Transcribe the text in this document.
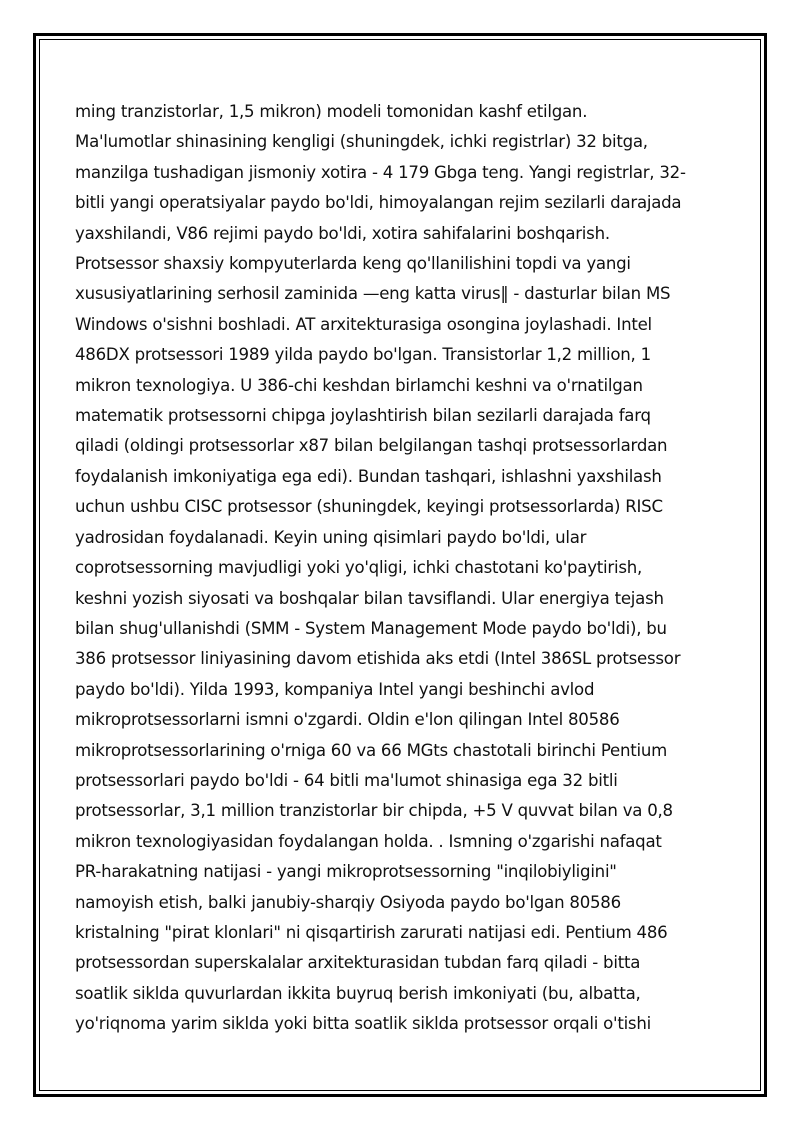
ming tranzistorlar, 1,5 mikron) modeli tomonidan kashf etilgan.
Ma'lumotlar shinasining kengligi (shuningdek, ichki registrlar) 32 bitga,
manzilga tushadigan jismoniy xotira - 4 179 Gbga teng. Yangi registrlar, 32-
bitli yangi operatsiyalar paydo bo'ldi, himoyalangan rejim sezilarli darajada
yaxshilandi, V86 rejimi paydo bo'ldi, xotira sahifalarini boshqarish.
Protsessor shaxsiy kompyuterlarda keng qo'llanilishini topdi va yangi
xususiyatlarining serhosil zaminida —eng katta virus‖ - dasturlar bilan MS
Windows o'sishni boshladi. AT arxitekturasiga osongina joylashadi. Intel
486DX protsessori 1989 yilda paydo bo'lgan. Transistorlar 1,2 million, 1
mikron texnologiya. U 386-chi keshdan birlamchi keshni va o'rnatilgan
matematik protsessorni chipga joylashtirish bilan sezilarli darajada farq
qiladi (oldingi protsessorlar x87 bilan belgilangan tashqi protsessorlardan
foydalanish imkoniyatiga ega edi). Bundan tashqari, ishlashni yaxshilash
uchun ushbu CISC protsessor (shuningdek, keyingi protsessorlarda) RISC
yadrosidan foydalanadi. Keyin uning qisimlari paydo bo'ldi, ular
coprotsessorning mavjudligi yoki yo'qligi, ichki chastotani ko'paytirish,
keshni yozish siyosati va boshqalar bilan tavsiflandi. Ular energiya tejash
bilan shug'ullanishdi (SMM - System Management Mode paydo bo'ldi), bu
386 protsessor liniyasining davom etishida aks etdi (Intel 386SL protsessor
paydo bo'ldi). Yilda 1993, kompaniya Intel yangi beshinchi avlod
mikroprotsessorlarni ismni o'zgardi. Oldin e'lon qilingan Intel 80586
mikroprotsessorlarining o'rniga 60 va 66 MGts chastotali birinchi Pentium
protsessorlari paydo bo'ldi - 64 bitli ma'lumot shinasiga ega 32 bitli
protsessorlar, 3,1 million tranzistorlar bir chipda, +5 V quvvat bilan va 0,8
mikron texnologiyasidan foydalangan holda. . Ismning o'zgarishi nafaqat
PR-harakatning natijasi - yangi mikroprotsessorning "inqilobiyligini"
namoyish etish, balki janubiy-sharqiy Osiyoda paydo bo'lgan 80586
kristalning "pirat klonlari" ni qisqartirish zarurati natijasi edi. Pentium 486
protsessordan superskalalar arxitekturasidan tubdan farq qiladi - bitta
soatlik siklda quvurlardan ikkita buyruq berish imkoniyati (bu, albatta,
yo'riqnoma yarim siklda yoki bitta soatlik siklda protsessor orqali o'tishi
